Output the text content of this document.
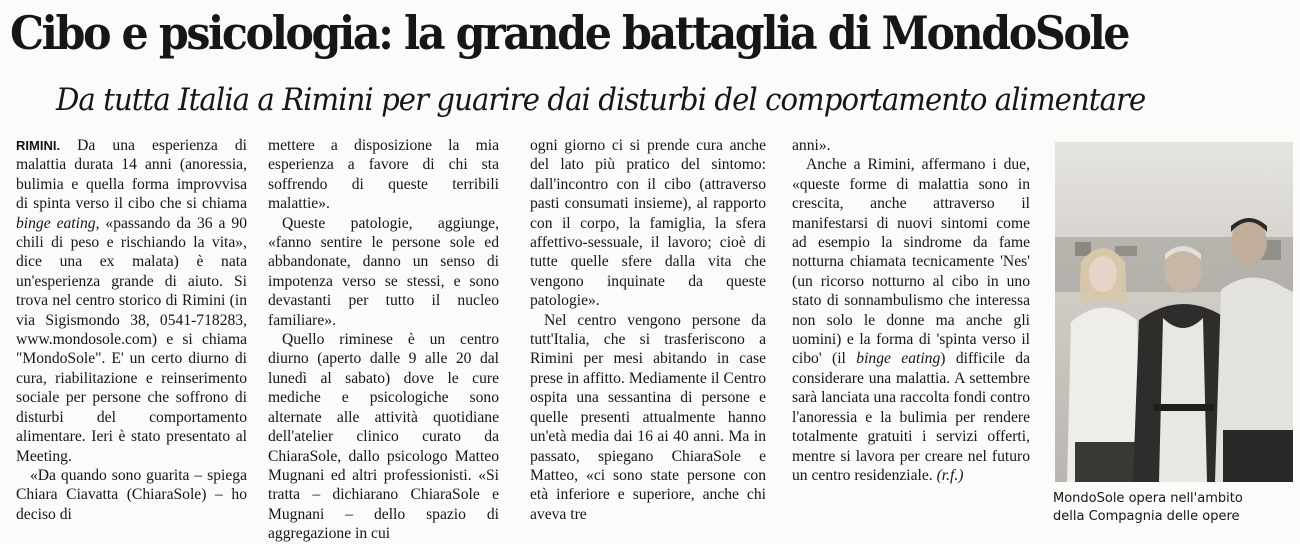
Cibo e psicologia: la grande battaglia di MondoSole
Da tutta Italia a Rimini per guarire dai disturbi del comportamento alimentare

RIMINI. Da una esperienza di malattia durata 14 anni (anoressia, bulimia e quella forma improvvisa di spinta verso il cibo che si chiama binge eating, «passando da 36 a 90 chili di peso e rischiando la vita», dice una ex malata) è nata un'esperienza grande di aiuto. Si trova nel centro storico di Rimini (in via Sigismondo 38, 0541-718283, www.mondosole.com) e si chiama "MondoSole". E' un certo diurno di cura, riabilitazione e reinserimento sociale per persone che soffrono di disturbi del comportamento alimentare. Ieri è stato presentato al Meeting.

«Da quando sono guarita – spiega Chiara Ciavatta (ChiaraSole) – ho deciso di

mettere a disposizione la mia esperienza a favore di chi sta soffrendo di queste terribili malattie».

Queste patologie, aggiunge, «fanno sentire le persone sole ed abbandonate, danno un senso di impotenza verso se stessi, e sono devastanti per tutto il nucleo familiare».

Quello riminese è un centro diurno (aperto dalle 9 alle 20 dal lunedì al sabato) dove le cure mediche e psicologiche sono alternate alle attività quotidiane dell'atelier clinico curato da ChiaraSole, dallo psicologo Matteo Mugnani ed altri professionisti. «Si tratta – dichiarano ChiaraSole e Mugnani – dello spazio di aggregazione in cui

ogni giorno ci si prende cura anche del lato più pratico del sintomo: dall'incontro con il cibo (attraverso pasti consumati insieme), al rapporto con il corpo, la famiglia, la sfera affettivo-sessuale, il lavoro; cioè di tutte quelle sfere dalla vita che vengono inquinate da queste patologie».

Nel centro vengono persone da tutt'Italia, che si trasferiscono a Rimini per mesi abitando in case prese in affitto. Mediamente il Centro ospita una sessantina di persone e quelle presenti attualmente hanno un'età media dai 16 ai 40 anni. Ma in passato, spiegano ChiaraSole e Matteo, «ci sono state persone con età inferiore e superiore, anche chi aveva tre

anni».

Anche a Rimini, affermano i due, «queste forme di malattia sono in crescita, anche attraverso il manifestarsi di nuovi sintomi come ad esempio la sindrome da fame notturna chiamata tecnicamente 'Nes' (un ricorso notturno al cibo in uno stato di sonnambulismo che interessa non solo le donne ma anche gli uomini) e la forma di 'spinta verso il cibo' (il binge eating) difficile da considerare una malattia. A settembre sarà lanciata una raccolta fondi contro l'anoressia e la bulimia per rendere totalmente gratuiti i servizi offerti, mentre si lavora per creare nel futuro un centro residenziale. (r.f.)

MondoSole opera nell'ambito
della Compagnia delle opere
